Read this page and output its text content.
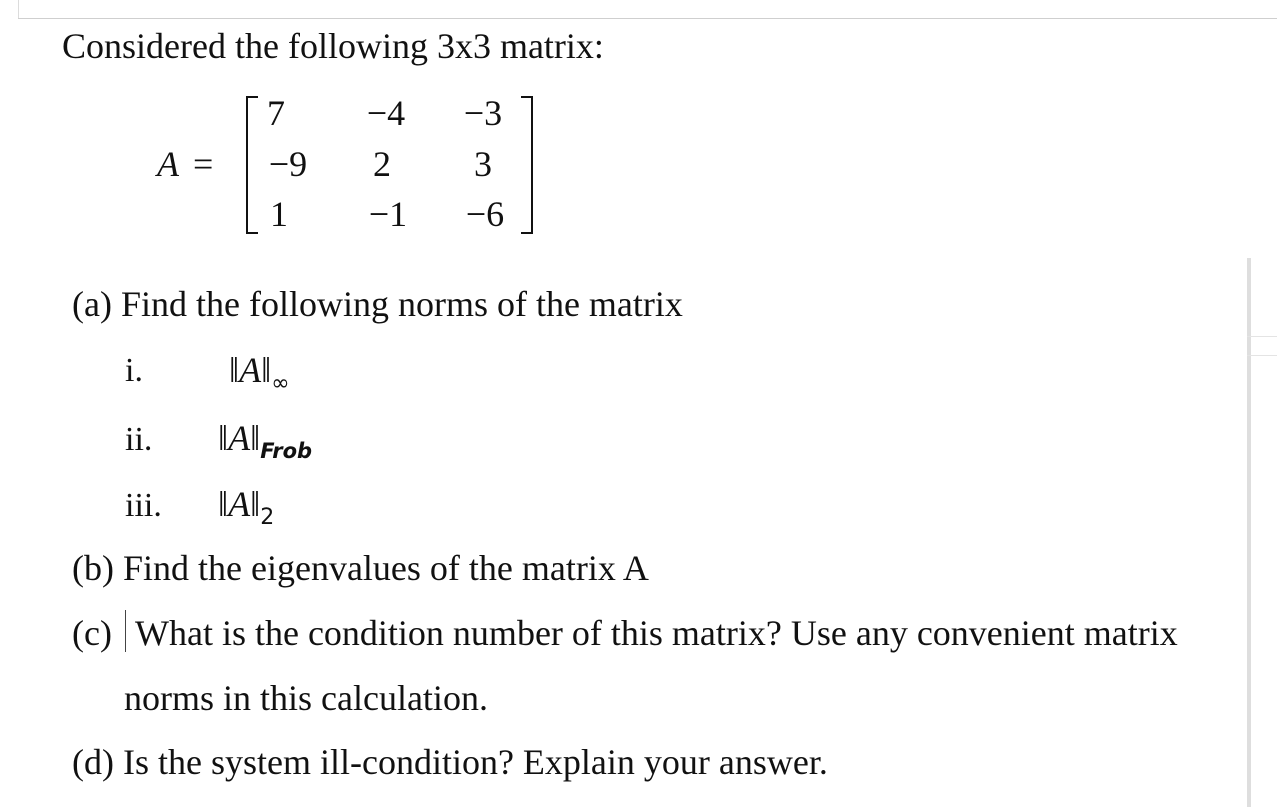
Considered the following 3x3 matrix:
A =
7	−4	−3
−9	2	3
1	−1	−6
(a) Find the following norms of the matrix
i. $‖A‖_\infty$
ii. $‖A‖_{Frob}$
iii. $‖A‖_2$
(b) Find the eigenvalues of the matrix A
(c) What is the condition number of this matrix? Use any convenient matrix
norms in this calculation.
(d) Is the system ill-condition? Explain your answer.
